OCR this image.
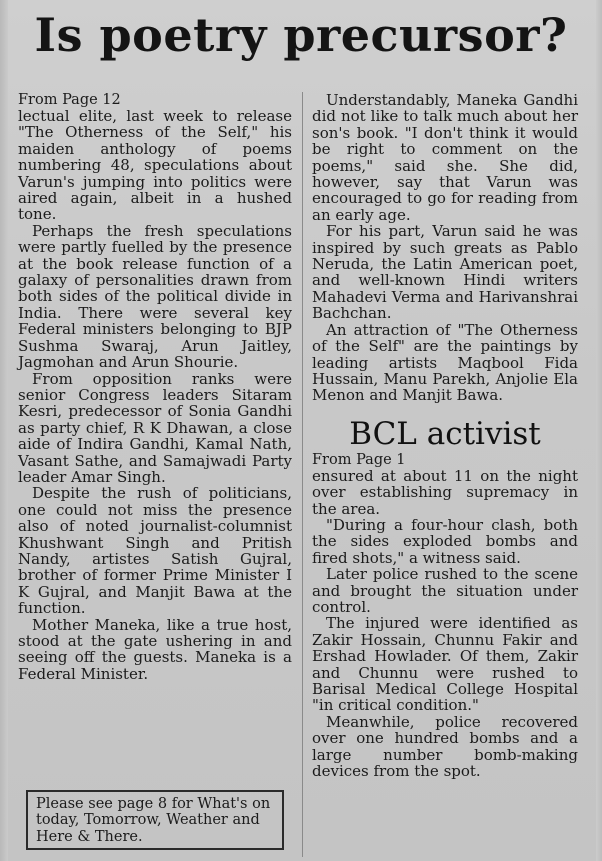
Is poetry precursor?

From Page 12

lectual elite, last week to release "The Otherness of the Self," his maiden anthology of poems numbering 48, speculations about Varun's jumping into politics were aired again, albeit in a hushed tone.

Perhaps the fresh speculations were partly fuelled by the presence at the book release function of a galaxy of personalities drawn from both sides of the political divide in India. There were several key Federal ministers belonging to BJP Sushma Swaraj, Arun Jaitley, Jagmohan and Arun Shourie.

From opposition ranks were senior Congress leaders Sitaram Kesri, predecessor of Sonia Gandhi as party chief, R K Dhawan, a close aide of Indira Gandhi, Kamal Nath, Vasant Sathe, and Samajwadi Party leader Amar Singh.

Despite the rush of politicians, one could not miss the presence also of noted journalist-columnist Khushwant Singh and Pritish Nandy, artistes Satish Gujral, brother of former Prime Minister I K Gujral, and Manjit Bawa at the function.

Mother Maneka, like a true host, stood at the gate ushering in and seeing off the guests. Maneka is a Federal Minister.

Please see page 8 for What's on today, Tomorrow, Weather and Here & There.

Understandably, Maneka Gandhi did not like to talk much about her son's book. "I don't think it would be right to comment on the poems," said she. She did, however, say that Varun was encouraged to go for reading from an early age.

For his part, Varun said he was inspired by such greats as Pablo Neruda, the Latin American poet, and well-known Hindi writers Mahadevi Verma and Harivanshrai Bachchan.

An attraction of "The Otherness of the Self" are the paintings by leading artists Maqbool Fida Hussain, Manu Parekh, Anjolie Ela Menon and Manjit Bawa.

BCL activist

From Page 1

ensured at about 11 on the night over establishing supremacy in the area.

"During a four-hour clash, both the sides exploded bombs and fired shots," a witness said.

Later police rushed to the scene and brought the situation under control.

The injured were identified as Zakir Hossain, Chunnu Fakir and Ershad Howlader. Of them, Zakir and Chunnu were rushed to Barisal Medical College Hospital "in critical condition."

Meanwhile, police recovered over one hundred bombs and a large number bomb-making devices from the spot.
